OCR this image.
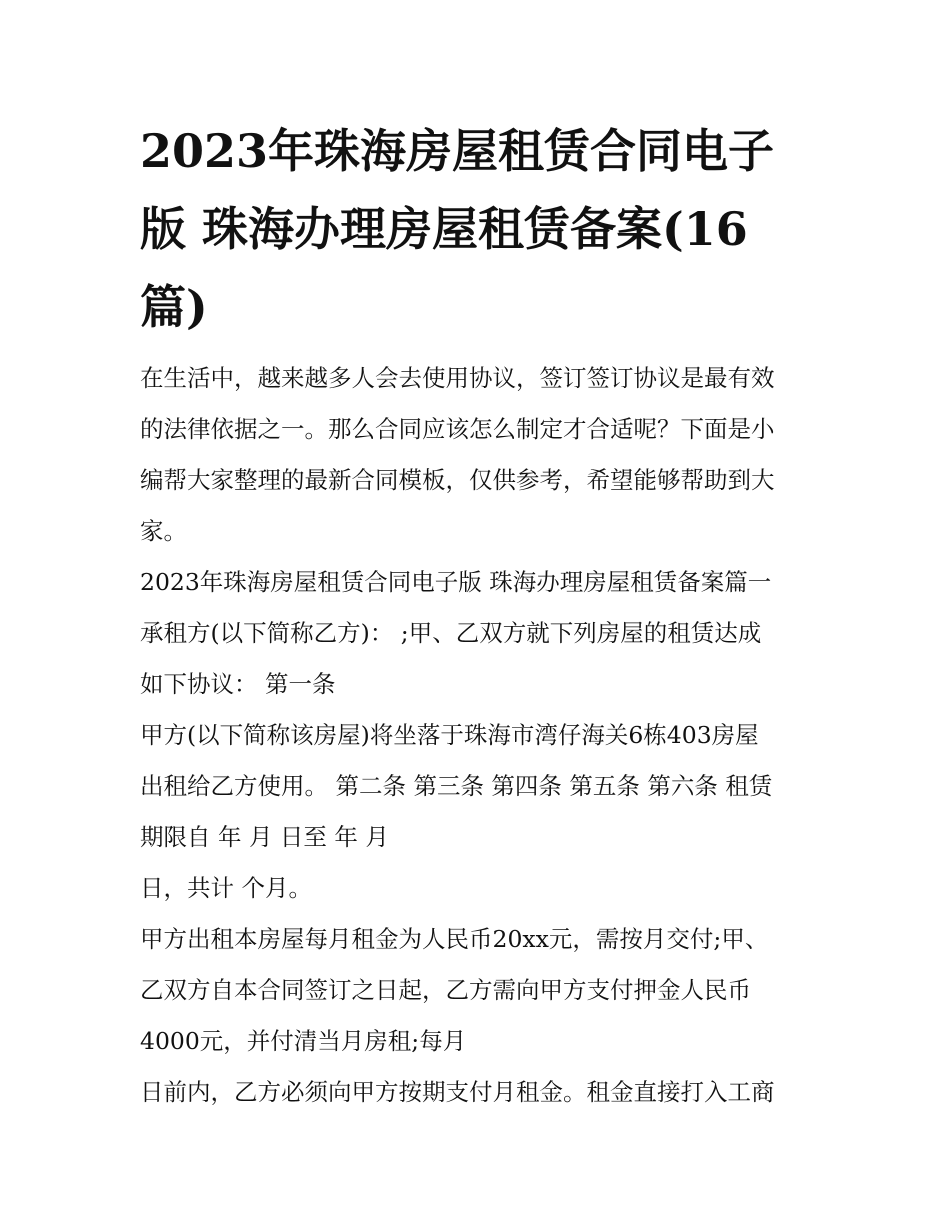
2023年珠海房屋租赁合同电子
版 珠海办理房屋租赁备案(16
篇)
在生活中，越来越多人会去使用协议，签订签订协议是最有效
的法律依据之一。那么合同应该怎么制定才合适呢？下面是小
编帮大家整理的最新合同模板，仅供参考，希望能够帮助到大
家。
2023年珠海房屋租赁合同电子版 珠海办理房屋租赁备案篇一
承租方(以下简称乙方)： ;甲、乙双方就下列房屋的租赁达成
如下协议： 第一条
甲方(以下简称该房屋)将坐落于珠海市湾仔海关6栋403房屋
出租给乙方使用。 第二条 第三条 第四条 第五条 第六条 租赁
期限自 年 月 日至 年 月
日，共计 个月。
甲方出租本房屋每月租金为人民币20xx元，需按月交付;甲、
乙双方自本合同签订之日起，乙方需向甲方支付押金人民币
4000元，并付清当月房租;每月
日前内，乙方必须向甲方按期支付月租金。租金直接打入工商
